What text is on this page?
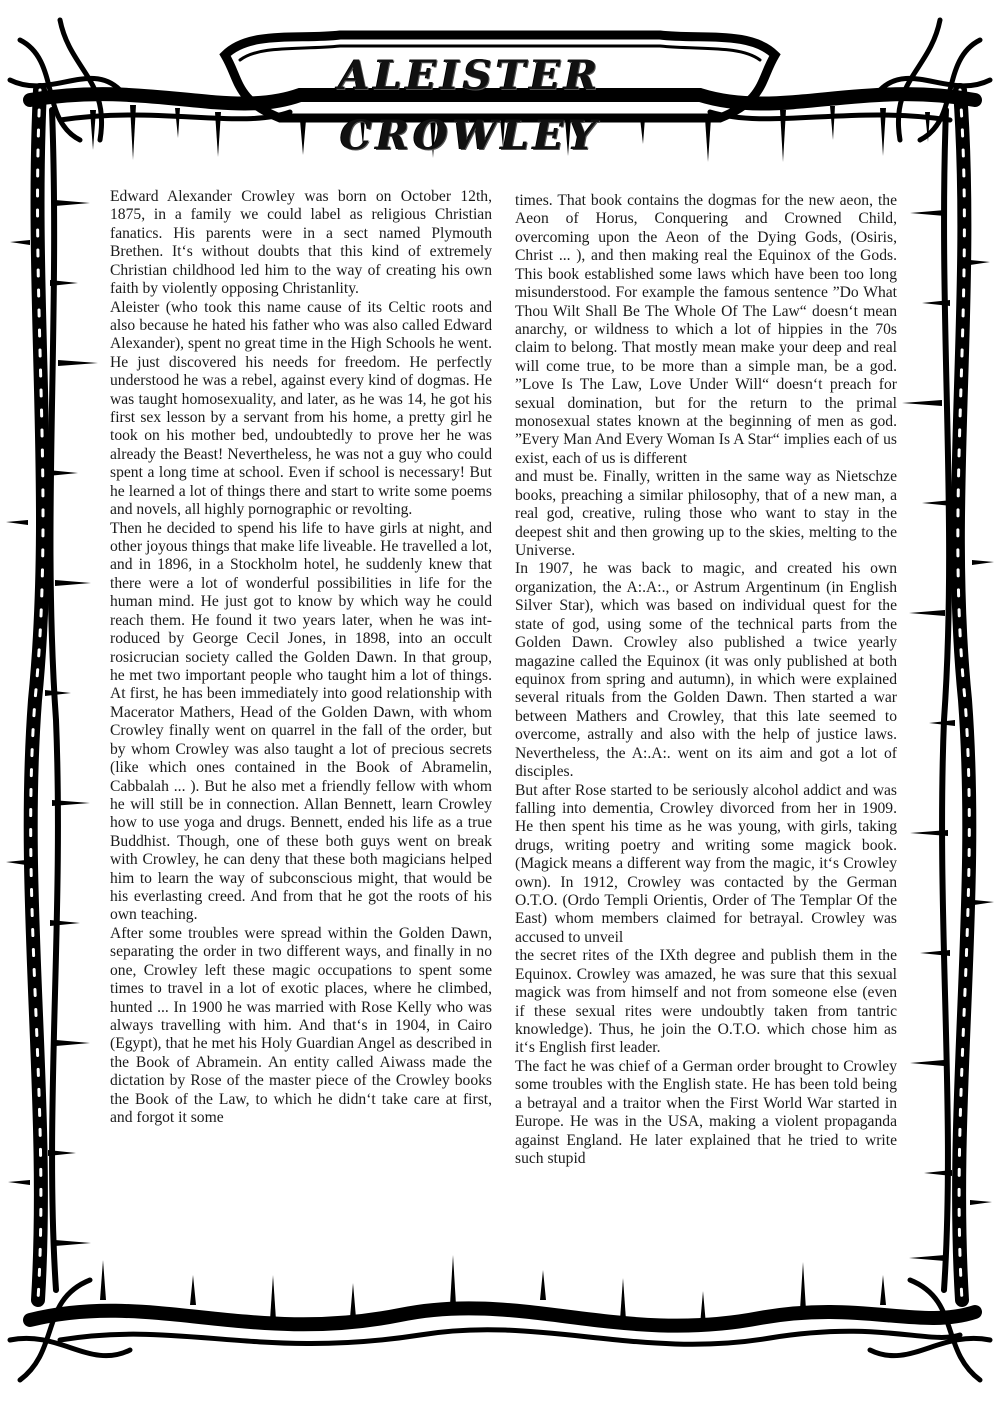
ALEISTER CROWLEY

Edward Alexander Crowley was born on October 12th, 1875, in a family we could label as religious Christian fanatics. His parents were in a sect named Plymouth Brethen. It‘s without doubts that this kind of extremely Christian childhood led him to the way of creating his own faith by violently opposing Christanlity.

Aleister (who took this name cause of its Celtic roots and also because he hated his father who was also called Edward Alexander), spent no great time in the High Schools he went. He just discovered his needs for freedom. He perfectly understood he was a rebel, against every kind of dogmas. He was taught homosexuality, and later, as he was 14, he got his first sex lesson by a servant from his home, a pretty girl he took on his mother bed, undoubtedly to prove her he was already the Beast! Nevertheless, he was not a guy who could spent a long time at school. Even if school is necessary! But he learned a lot of things there and start to write some poems and novels, all highly pornographic or revolting.

Then he decided to spend his life to have girls at night, and other joyous things that make life liveable. He travelled a lot, and in 1896, in a Stockholm hotel, he suddenly knew that there were a lot of wonderful possibilities in life for the human mind. He just got to know by which way he could reach them. He found it two years later, when he was introduced by George Cecil Jones, in 1898, into an occult rosicrucian society called the Golden Dawn. In that group, he met two important people who taught him a lot of things. At first, he has been immediately into good relationship with Macerator Mathers, Head of the Golden Dawn, with whom Crowley finally went on quarrel in the fall of the order, but by whom Crowley was also taught a lot of precious secrets (like which ones contained in the Book of Abramelin, Cabbalah ... ). But he also met a friendly fellow with whom he will still be in connection. Allan Bennett, learn Crowley how to use yoga and drugs. Bennett, ended his life as a true Buddhist. Though, one of these both guys went on break with Crowley, he can deny that these both magicians helped him to learn the way of subconscious might, that would be his everlasting creed. And from that he got the roots of his own teaching.

After some troubles were spread within the Golden Dawn, separating the order in two different ways, and finally in no one, Crowley left these magic occupations to spent some times to travel in a lot of exotic places, where he climbed, hunted ... In 1900 he was married with Rose Kelly who was always travelling with him. And that‘s in 1904, in Cairo (Egypt), that he met his Holy Guardian Angel as described in the Book of Abramein. An entity called Aiwass made the dictation by Rose of the master piece of the Crowley books the Book of the Law, to which he didn‘t take care at first, and forgot it some

times. That book contains the dogmas for the new aeon, the Aeon of Horus, Conquering and Crowned Child, overcoming upon the Aeon of the Dying Gods, (Osiris, Christ ... ), and then making real the Equinox of the Gods. This book established some laws which have been too long misunderstood. For example the famous sentence ”Do What Thou Wilt Shall Be The Whole Of The Law“ doesn‘t mean anarchy, or wildness to which a lot of hippies in the 70s claim to belong. That mostly mean make your deep and real will come true, to be more than a simple man, be a god. ”Love Is The Law, Love Under Will“ doesn‘t preach for sexual domination, but for the return to the primal monosexual states known at the beginning of men as god. ”Every Man And Every Woman Is A Star“ implies each of us exist, each of us is different

and must be. Finally, written in the same way as Nietschze books, preaching a similar philosophy, that of a new man, a real god, creative, ruling those who want to stay in the deepest shit and then growing up to the skies, melting to the Universe.

In 1907, he was back to magic, and created his own organization, the A:.A:., or Astrum Argentinum (in English Silver Star), which was based on individual quest for the state of god, using some of the technical parts from the Golden Dawn. Crowley also published a twice yearly magazine called the Equinox (it was only published at both equinox from spring and autumn), in which were explained several rituals from the Golden Dawn. Then started a war between Mathers and Crowley, that this late seemed to overcome, astrally and also with the help of justice laws. Nevertheless, the A:.A:. went on its aim and got a lot of disciples.

But after Rose started to be seriously alcohol addict and was falling into dementia, Crowley divorced from her in 1909. He then spent his time as he was young, with girls, taking drugs, writing poetry and writing some magick book. (Magick means a different way from the magic, it‘s Crowley own). In 1912, Crowley was contacted by the German O.T.O. (Ordo Templi Orientis, Order of The Templar Of the East) whom members claimed for betrayal. Crowley was accused to unveil

the secret rites of the IXth degree and publish them in the Equinox. Crowley was amazed, he was sure that this sexual magick was from himself and not from someone else (even if these sexual rites were undoubtly taken from tantric knowledge). Thus, he join the O.T.O. which chose him as it‘s English first leader.

The fact he was chief of a German order brought to Crowley some troubles with the English state. He has been told being a betrayal and a traitor when the First World War started in Europe. He was in the USA, making a violent propaganda against England. He later explained that he tried to write such stupid
